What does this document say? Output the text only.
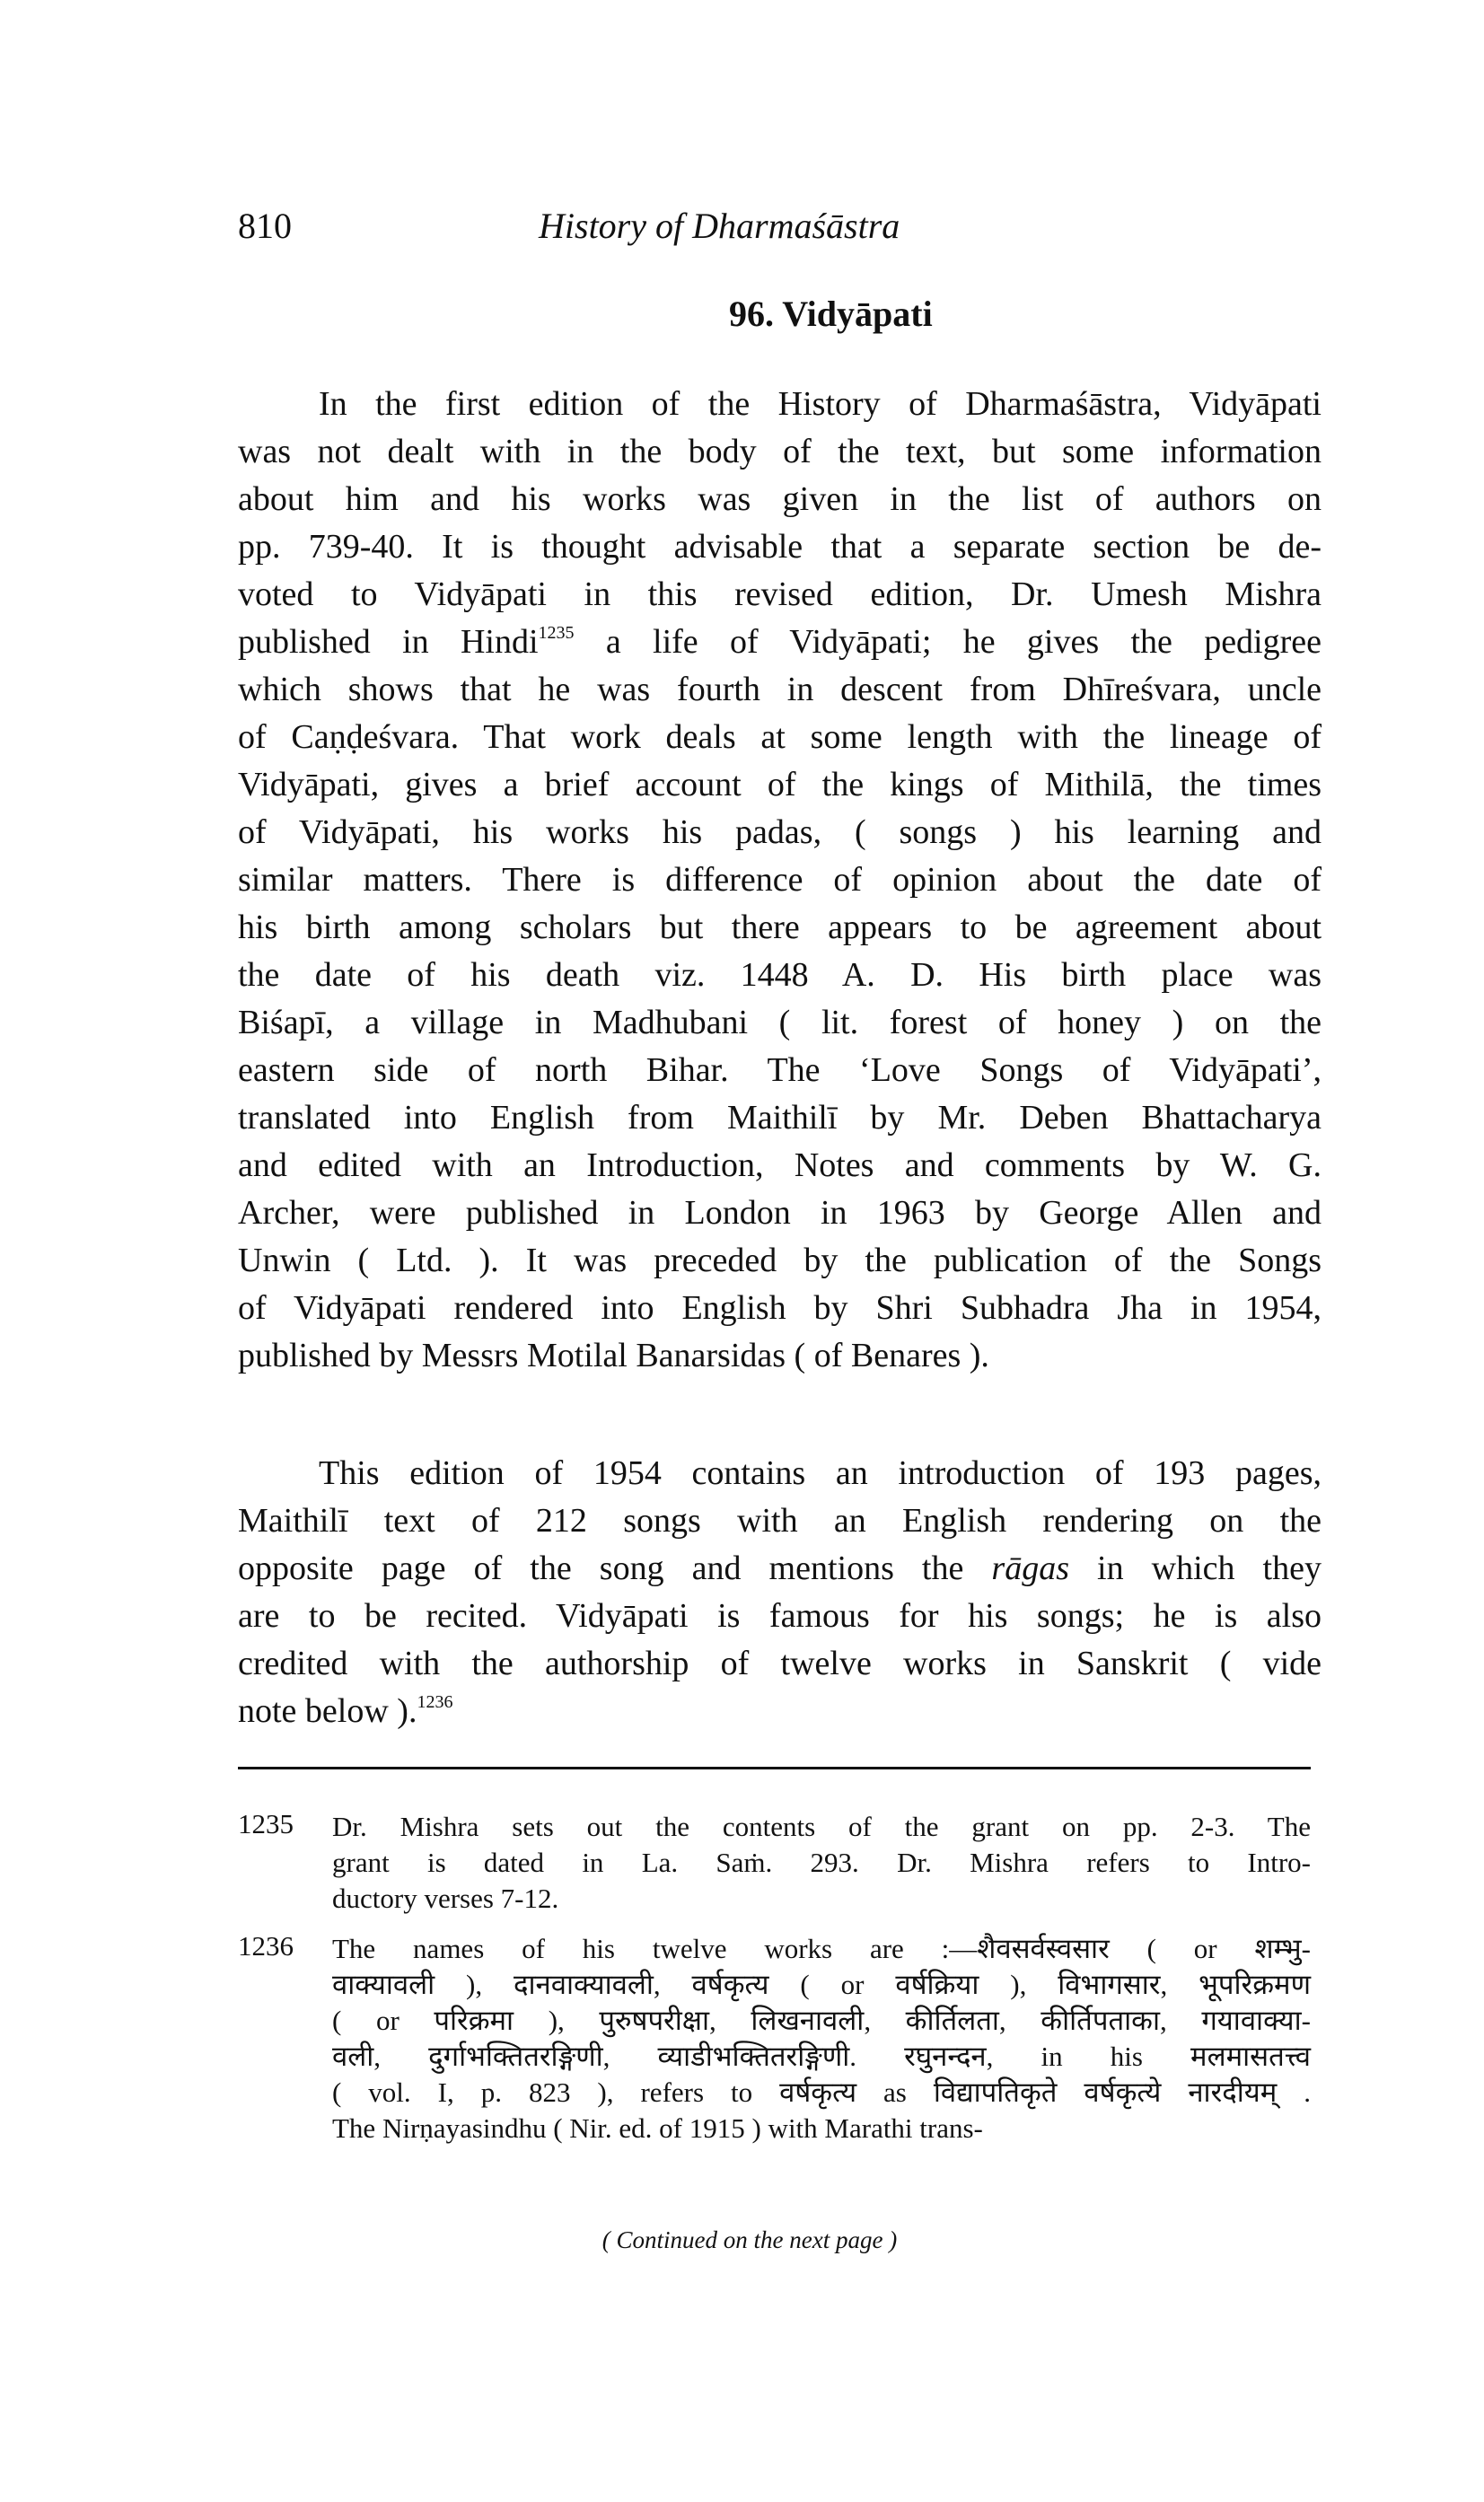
810	History of Dharmaśāstra
96. Vidyāpati
In the first edition of the History of Dharmaśāstra, Vidyāpati
was not dealt with in the body of the text, but some information
about him and his works was given in the list of authors on
pp. 739-40. It is thought advisable that a separate section be de-
voted to Vidyāpati in this revised edition, Dr. Umesh Mishra
published in Hindi$^{1235}$ a life of Vidyāpati; he gives the pedigree
which shows that he was fourth in descent from Dhīreśvara, uncle
of Caṇḍeśvara. That work deals at some length with the lineage of
Vidyāpati, gives a brief account of the kings of Mithilā, the times
of Vidyāpati, his works his padas, ( songs ) his learning and
similar matters. There is difference of opinion about the date of
his birth among scholars but there appears to be agreement about
the date of his death viz. 1448 A. D. His birth place was
Biśapī, a village in Madhubani ( lit. forest of honey ) on the
eastern side of north Bihar. The ‘Love Songs of Vidyāpati’,
translated into English from Maithilī by Mr. Deben Bhattacharya
and edited with an Introduction, Notes and comments by W. G.
Archer, were published in London in 1963 by George Allen and
Unwin ( Ltd. ). It was preceded by the publication of the Songs
of Vidyāpati rendered into English by Shri Subhadra Jha in 1954,
published by Messrs Motilal Banarsidas ( of Benares ).
This edition of 1954 contains an introduction of 193 pages,
Maithilī text of 212 songs with an English rendering on the
opposite page of the song and mentions the rāgas in which they
are to be recited. Vidyāpati is famous for his songs; he is also
credited with the authorship of twelve works in Sanskrit ( vide
note below ).$^{1236}$
1235 Dr. Mishra sets out the contents of the grant on pp. 2-3. The
grant is dated in La. Saṁ. 293. Dr. Mishra refers to Intro-
ductory verses 7-12.
1236 The names of his twelve works are :—शैवसर्वस्वसार ( or शम्भु-
वाक्यावली ), दानवाक्यावली, वर्षकृत्य ( or वर्षक्रिया ), विभागसार, भूपरिक्रमण
( or परिक्रमा ), पुरुषपरीक्षा, लिखनावली, कीर्तिलता, कीर्तिपताका, गयावाक्या-
वली, दुर्गाभक्तितरङ्गिणी, व्याडीभक्तितरङ्गिणी. रघुनन्दन, in his मलमासतत्त्व
( vol. I, p. 823 ), refers to वर्षकृत्य as विद्यापतिकृते वर्षकृत्ये नारदीयम् .
The Nirṇayasindhu ( Nir. ed. of 1915 ) with Marathi trans-
( Continued on the next page )
